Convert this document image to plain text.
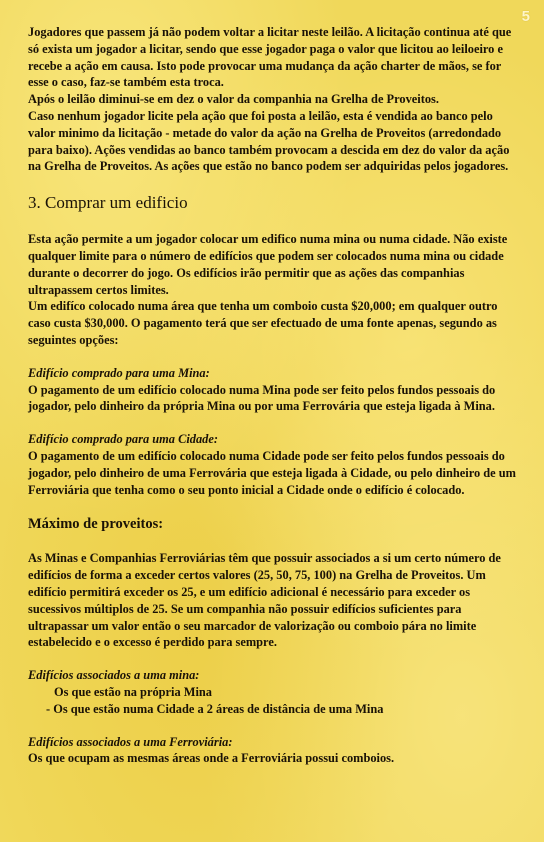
5

Jogadores que passem já não podem voltar a licitar neste leilão. A licitação continua até que só exista um jogador a licitar, sendo que esse jogador paga o valor que licitou ao leiloeiro e recebe a ação em causa. Isto pode provocar uma mudança da ação charter de mãos, se for esse o caso, faz-se também esta troca.

Após o leilão diminui-se em dez o valor da companhia na Grelha de Proveitos.

Caso nenhum jogador licite pela ação que foi posta a leilão, esta é vendida ao banco pelo valor minimo da licitação - metade do valor da ação na Grelha de Proveitos (arredondado para baixo). Ações vendidas ao banco também provocam a descida em dez do valor da ação na Grelha de Proveitos. As ações que estão no banco podem ser adquiridas pelos jogadores.

3. Comprar um edificio

Esta ação permite a um jogador colocar um edifico numa mina ou numa cidade. Não existe qualquer limite para o número de edifícios que podem ser colocados numa mina ou cidade durante o decorrer do jogo. Os edifícios irão permitir que as ações das companhias ultrapassem certos limites.

Um edifíco colocado numa área que tenha um comboio custa $20,000; em qualquer outro caso custa $30,000. O pagamento terá que ser efectuado de uma fonte apenas, segundo as seguintes opções:

Edifício comprado para uma Mina:

O pagamento de um edifício colocado numa Mina pode ser feito pelos fundos pessoais do jogador, pelo dinheiro da própria Mina ou por uma Ferrovária que esteja ligada à Mina.

Edifício comprado para uma Cidade:

O pagamento de um edifício colocado numa Cidade pode ser feito pelos fundos pessoais do jogador, pelo dinheiro de uma Ferrovária que esteja ligada à Cidade, ou pelo dinheiro de um Ferroviária que tenha como o seu ponto inicial a Cidade onde o edifício é colocado.

Máximo de proveitos:

As Minas e Companhias Ferroviárias têm que possuir associados a si um certo número de edifícios de forma a exceder certos valores (25, 50, 75, 100) na Grelha de Proveitos. Um edifício permitirá exceder os 25, e um edifício adicional é necessário para exceder os sucessivos múltiplos de 25. Se um companhia não possuir edifícios suficientes para ultrapassar um valor então o seu marcador de valorização ou comboio pára no limite estabelecido e o excesso é perdido para sempre.

Edifícios associados a uma mina:

Os que estão na própria Mina

- Os que estão numa Cidade a 2 áreas de distância de uma Mina

Edifícios associados a uma Ferroviária:

Os que ocupam as mesmas áreas onde a Ferroviária possui comboios.
